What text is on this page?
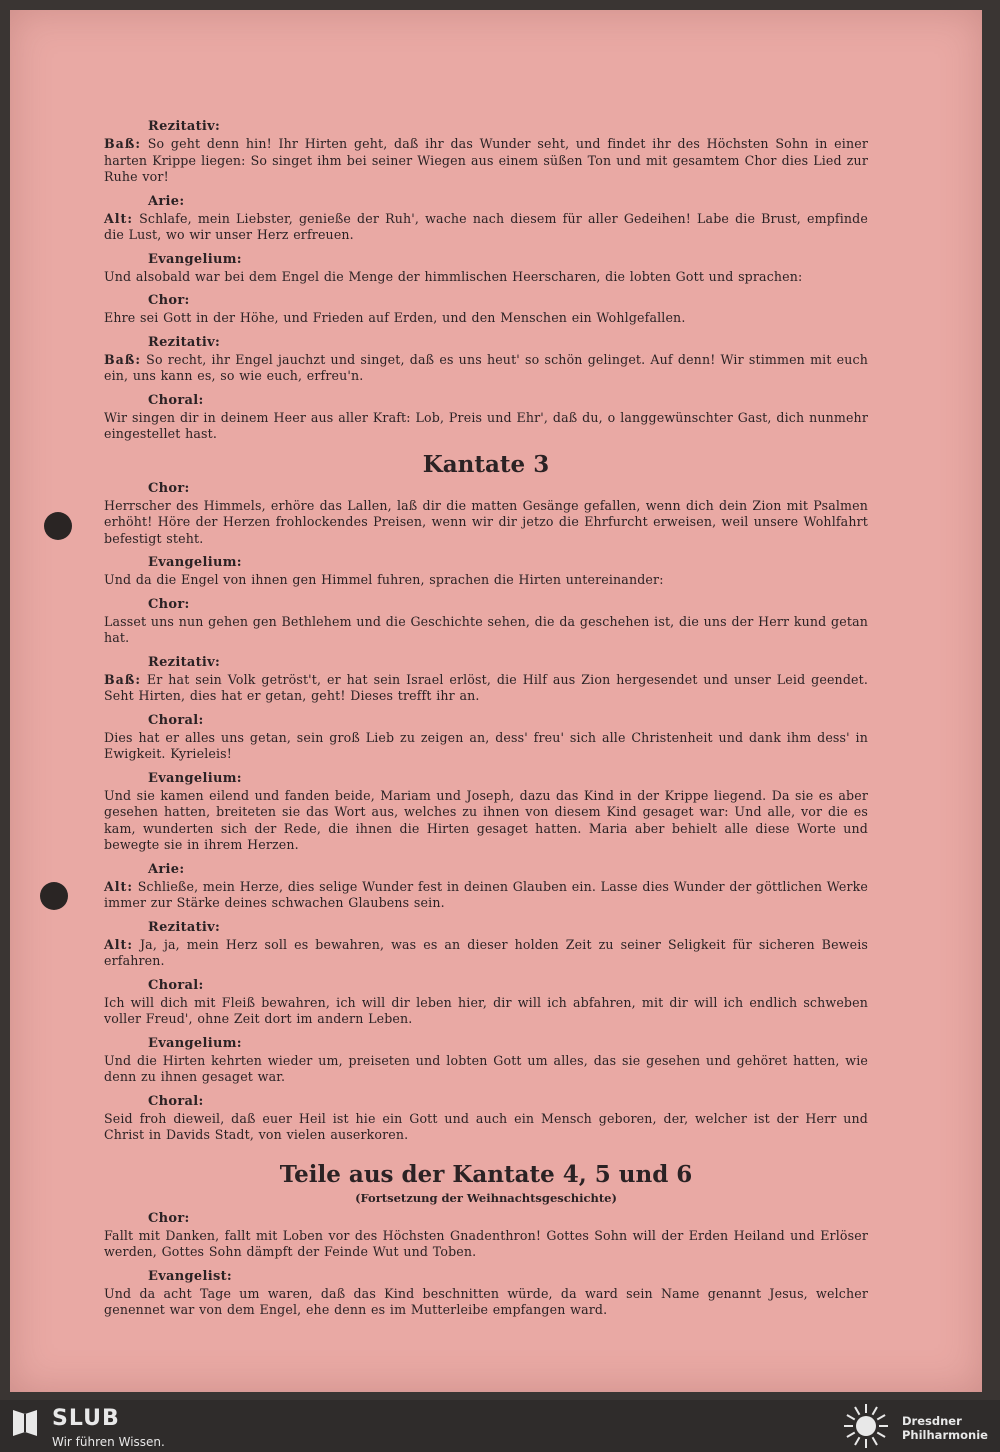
Rezitativ:
Baß: So geht denn hin! Ihr Hirten geht, daß ihr das Wunder seht, und findet ihr des Höchsten Sohn in einer harten Krippe liegen: So singet ihm bei seiner Wiegen aus einem süßen Ton und mit gesamtem Chor dies Lied zur Ruhe vor!
Arie:
Alt: Schlafe, mein Liebster, genieße der Ruh', wache nach diesem für aller Gedeihen! Labe die Brust, empfinde die Lust, wo wir unser Herz erfreuen.
Evangelium:
Und alsobald war bei dem Engel die Menge der himmlischen Heerscharen, die lobten Gott und sprachen:
Chor:
Ehre sei Gott in der Höhe, und Frieden auf Erden, und den Menschen ein Wohlgefallen.
Rezitativ:
Baß: So recht, ihr Engel jauchzt und singet, daß es uns heut' so schön gelinget. Auf denn! Wir stimmen mit euch ein, uns kann es, so wie euch, erfreu'n.
Choral:
Wir singen dir in deinem Heer aus aller Kraft: Lob, Preis und Ehr', daß du, o langgewünschter Gast, dich nunmehr eingestellet hast.
Kantate 3
Chor:
Herrscher des Himmels, erhöre das Lallen, laß dir die matten Gesänge gefallen, wenn dich dein Zion mit Psalmen erhöht! Höre der Herzen frohlockendes Preisen, wenn wir dir jetzo die Ehrfurcht erweisen, weil unsere Wohlfahrt befestigt steht.
Evangelium:
Und da die Engel von ihnen gen Himmel fuhren, sprachen die Hirten untereinander:
Chor:
Lasset uns nun gehen gen Bethlehem und die Geschichte sehen, die da geschehen ist, die uns der Herr kund getan hat.
Rezitativ:
Baß: Er hat sein Volk getröst't, er hat sein Israel erlöst, die Hilf aus Zion hergesendet und unser Leid geendet. Seht Hirten, dies hat er getan, geht! Dieses trefft ihr an.
Choral:
Dies hat er alles uns getan, sein groß Lieb zu zeigen an, dess' freu' sich alle Christenheit und dank ihm dess' in Ewigkeit. Kyrieleis!
Evangelium:
Und sie kamen eilend und fanden beide, Mariam und Joseph, dazu das Kind in der Krippe liegend. Da sie es aber gesehen hatten, breiteten sie das Wort aus, welches zu ihnen von diesem Kind gesaget war: Und alle, vor die es kam, wunderten sich der Rede, die ihnen die Hirten gesaget hatten. Maria aber behielt alle diese Worte und bewegte sie in ihrem Herzen.
Arie:
Alt: Schließe, mein Herze, dies selige Wunder fest in deinen Glauben ein. Lasse dies Wunder der göttlichen Werke immer zur Stärke deines schwachen Glaubens sein.
Rezitativ:
Alt: Ja, ja, mein Herz soll es bewahren, was es an dieser holden Zeit zu seiner Seligkeit für sicheren Beweis erfahren.
Choral:
Ich will dich mit Fleiß bewahren, ich will dir leben hier, dir will ich abfahren, mit dir will ich endlich schweben voller Freud', ohne Zeit dort im andern Leben.
Evangelium:
Und die Hirten kehrten wieder um, preiseten und lobten Gott um alles, das sie gesehen und gehöret hatten, wie denn zu ihnen gesaget war.
Choral:
Seid froh dieweil, daß euer Heil ist hie ein Gott und auch ein Mensch geboren, der, welcher ist der Herr und Christ in Davids Stadt, von vielen auserkoren.
Teile aus der Kantate 4, 5 und 6
(Fortsetzung der Weihnachtsgeschichte)
Chor:
Fallt mit Danken, fallt mit Loben vor des Höchsten Gnadenthron! Gottes Sohn will der Erden Heiland und Erlöser werden, Gottes Sohn dämpft der Feinde Wut und Toben.
Evangelist:
Und da acht Tage um waren, daß das Kind beschnitten würde, da ward sein Name genannt Jesus, welcher genennet war von dem Engel, ehe denn es im Mutterleibe empfangen ward.
SLUB
Wir führen Wissen.
Dresdner
Philharmonie
